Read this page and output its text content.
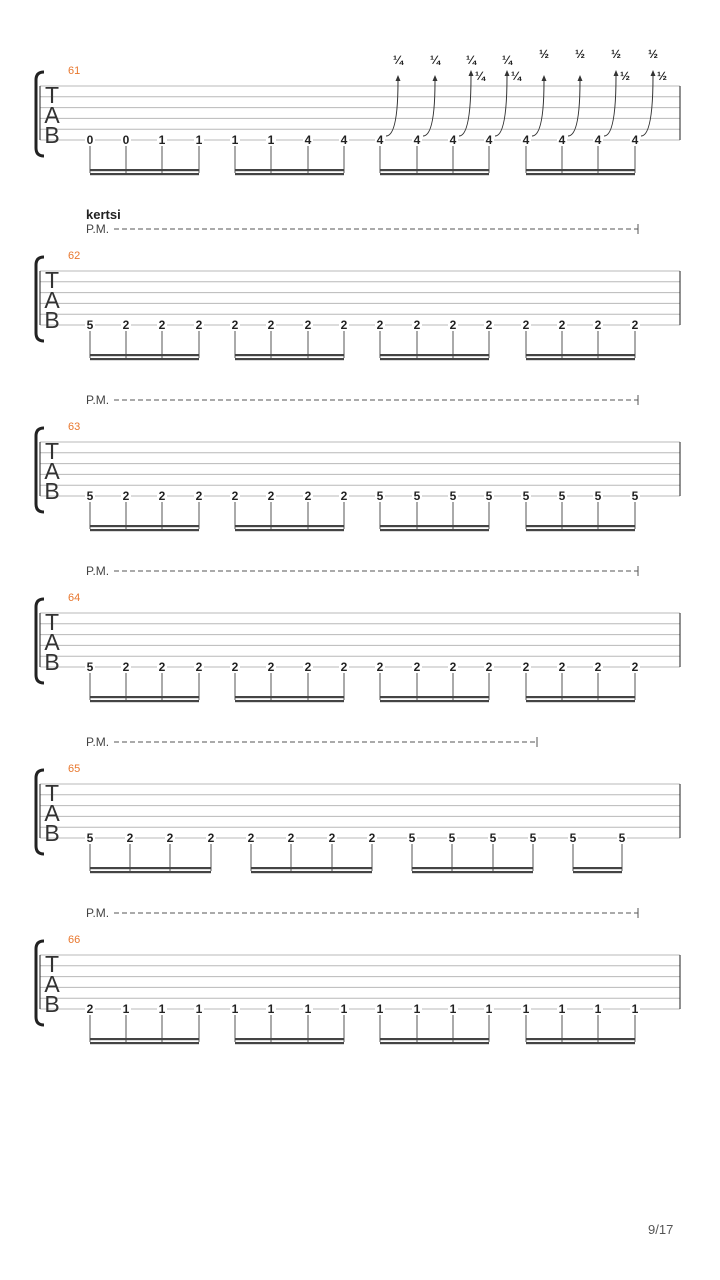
T
A
B
61
0 0 1	1 1 1	4 4 4	4 4 4	4 4 4	4
¼ ¼ ¼
¼
¼
¼
½ ½ ½
½
½
½
T
A
B
62
kertsi
P.M.
5 2 2	2 2 2	2 2 2	2 2 2	2 2 2	2
T
A
B
63
P.M.
5 2 2	2 2 2	2 2 5	5 5 5	5 5 5	5
T
A
B
64
P.M.
5 2 2	2 2 2	2 2 2	2 2 2	2 2 2	2
T
A
B
65
P.M.
5	2	2	2	2	2	2	2	5	5	5	5	5	5
T
A
B
66
P.M.
2 1 1	1 1 1	1 1 1	1 1 1	1 1 1	1
9/17
